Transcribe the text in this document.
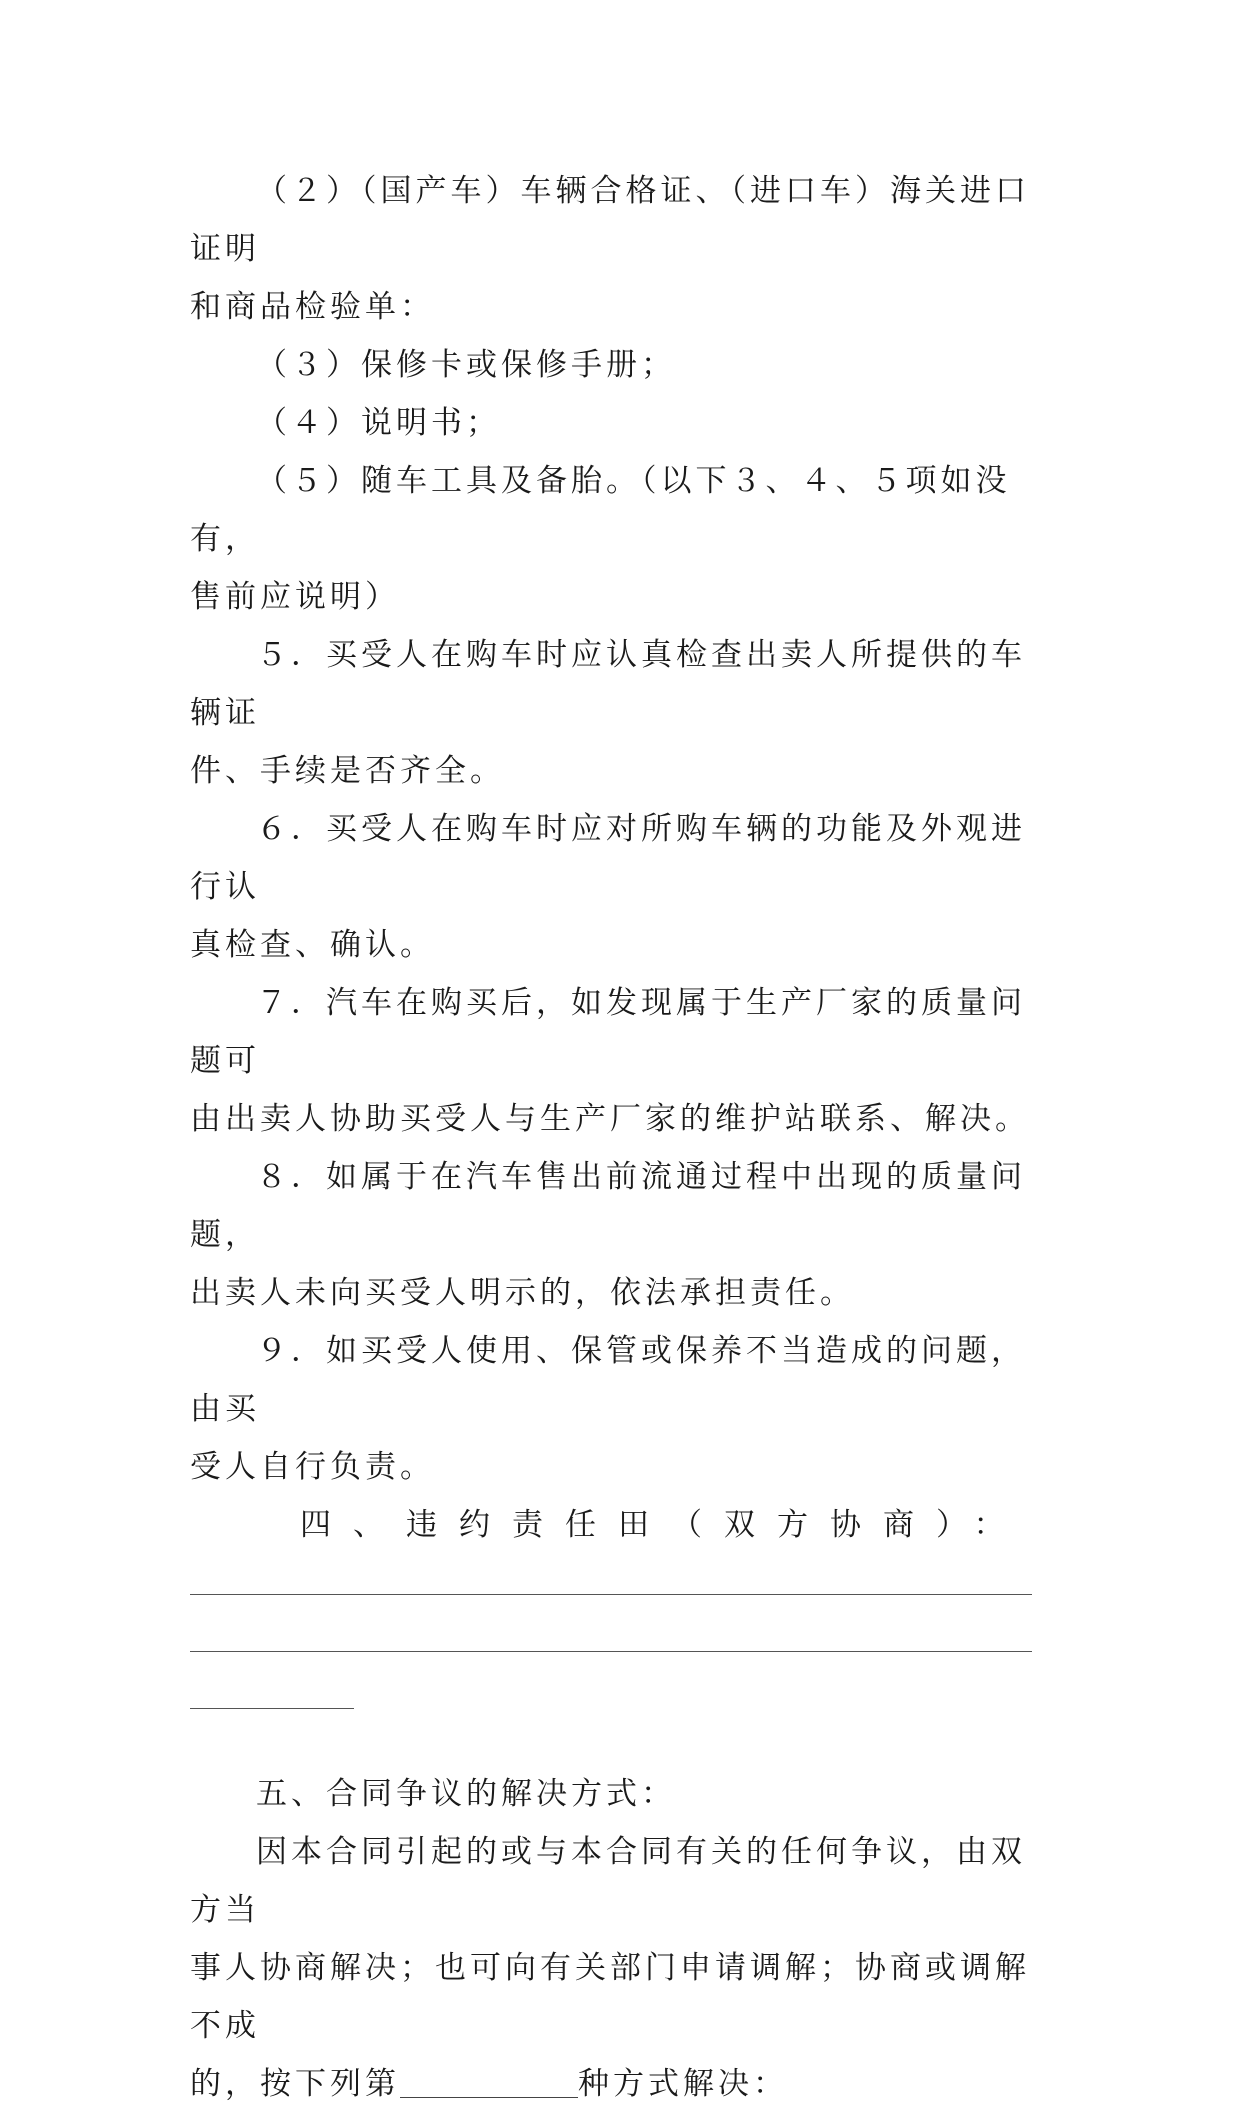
（２）（国产车）车辆合格证、（进口车）海关进口证明

和商品检验单：

（３）保修卡或保修手册；

（４）说明书；

（５）随车工具及备胎。（以下３、４、５项如没有，

售前应说明）

５．买受人在购车时应认真检查出卖人所提供的车辆证

件、手续是否齐全。

６．买受人在购车时应对所购车辆的功能及外观进行认

真检查、确认。

７．汽车在购买后，如发现属于生产厂家的质量问题可

由出卖人协助买受人与生产厂家的维护站联系、解决。

８．如属于在汽车售出前流通过程中出现的质量问题，

出卖人未向买受人明示的，依法承担责任。

９．如买受人使用、保管或保养不当造成的问题，由买

受人自行负责。

四、违约责任田（双方协商）：

五、合同争议的解决方式：

因本合同引起的或与本合同有关的任何争议，由双方当

事人协商解决；也可向有关部门申请调解；协商或调解不成

的，按下列第	种方式解决：
